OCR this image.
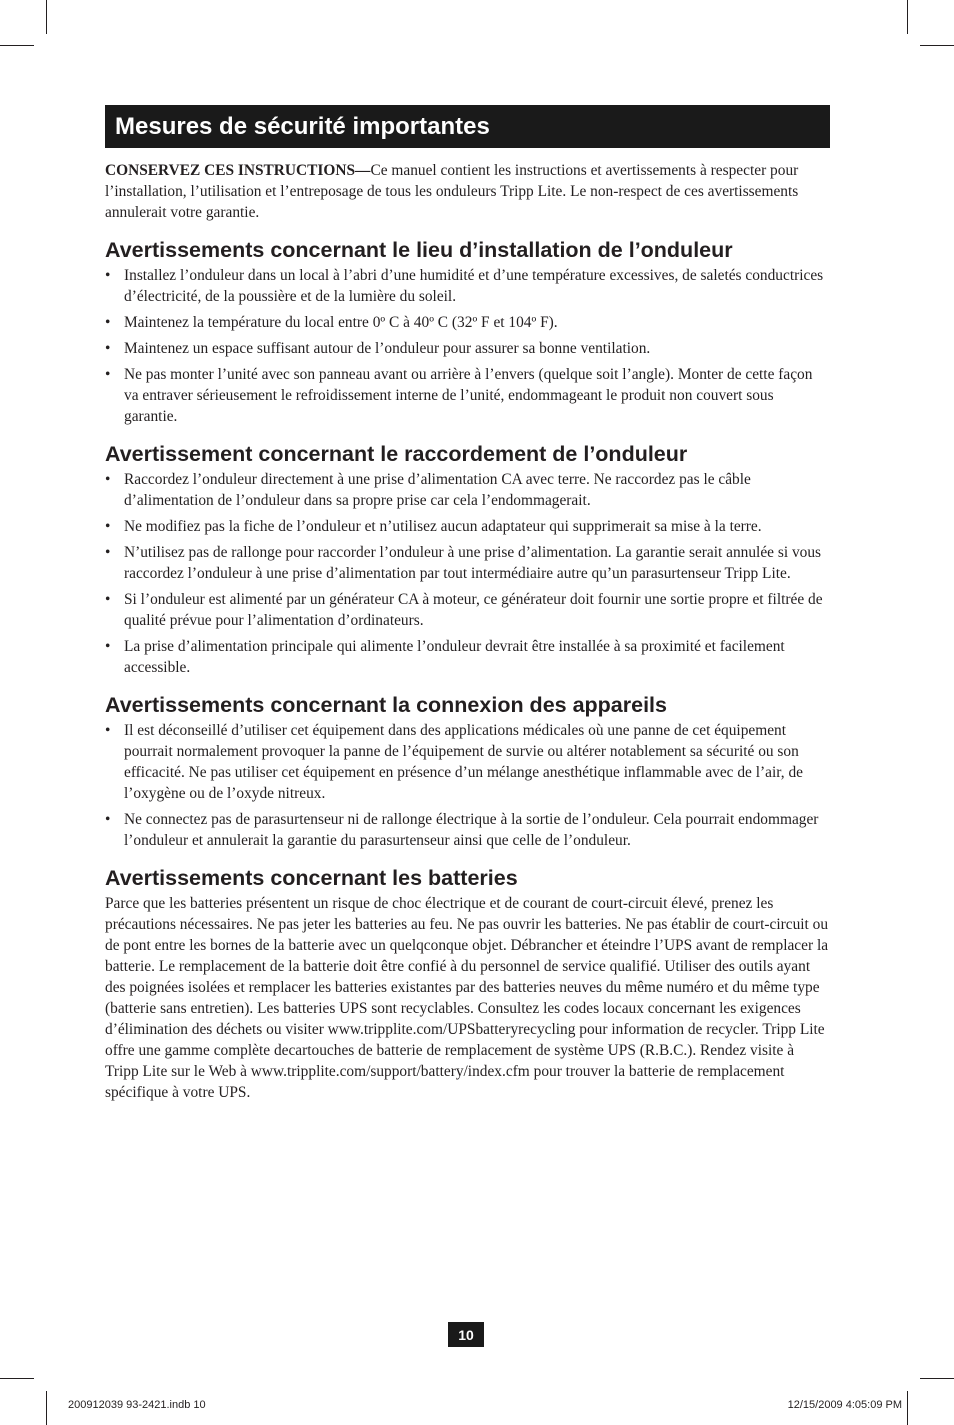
Mesures de sécurité importantes

CONSERVEZ CES INSTRUCTIONS—Ce manuel contient les instructions et avertissements à respecter pour l’installation, l’utilisation et l’entreposage de tous les onduleurs Tripp Lite. Le non-respect de ces avertissements annulerait votre garantie.

Avertissements concernant le lieu d’installation de l’onduleur
• Installez l’onduleur dans un local à l’abri d’une humidité et d’une température excessives, de saletés conductrices d’électricité, de la poussière et de la lumière du soleil.
• Maintenez la température du local entre 0º C à 40º C (32º F et 104º F).
• Maintenez un espace suffisant autour de l’onduleur pour assurer sa bonne ventilation.
• Ne pas monter l’unité avec son panneau avant ou arrière à l’envers (quelque soit l’angle). Monter de cette façon va entraver sérieusement le refroidissement interne de l’unité, endommageant le produit non couvert sous garantie.
Avertissement concernant le raccordement de l’onduleur
• Raccordez l’onduleur directement à une prise d’alimentation CA avec terre. Ne raccordez pas le câble d’alimentation de l’onduleur dans sa propre prise car cela l’endommagerait.
• Ne modifiez pas la fiche de l’onduleur et n’utilisez aucun adaptateur qui supprimerait sa mise à la terre.
• N’utilisez pas de rallonge pour raccorder l’onduleur à une prise d’alimentation. La garantie serait annulée si vous raccordez l’onduleur à une prise d’alimentation par tout intermédiaire autre qu’un parasurtenseur Tripp Lite.
• Si l’onduleur est alimenté par un générateur CA à moteur, ce générateur doit fournir une sortie propre et filtrée de qualité prévue pour l’alimentation d’ordinateurs.
• La prise d’alimentation principale qui alimente l’onduleur devrait être installée à sa proximité et facilement accessible.
Avertissements concernant la connexion des appareils
• Il est déconseillé d’utiliser cet équipement dans des applications médicales où une panne de cet équipement pourrait normalement provoquer la panne de l’équipement de survie ou altérer notablement sa sécurité ou son efficacité. Ne pas utiliser cet équipement en présence d’un mélange anesthétique inflammable avec de l’air, de l’oxygène ou de l’oxyde nitreux.
• Ne connectez pas de parasurtenseur ni de rallonge électrique à la sortie de l’onduleur. Cela pourrait endommager l’onduleur et annulerait la garantie du parasurtenseur ainsi que celle de l’onduleur.
Avertissements concernant les batteries

Parce que les batteries présentent un risque de choc électrique et de courant de court-circuit élevé, prenez les précautions nécessaires. Ne pas jeter les batteries au feu. Ne pas ouvrir les batteries. Ne pas établir de court-circuit ou de pont entre les bornes de la batterie avec un quelqconque objet. Débrancher et éteindre l’UPS avant de remplacer la batterie. Le remplacement de la batterie doit être confié à du personnel de service qualifié. Utiliser des outils ayant des poignées isolées et remplacer les batteries existantes par des batteries neuves du même numéro et du même type (batterie sans entretien). Les batteries UPS sont recyclables. Consultez les codes locaux concernant les exigences d’élimination des déchets ou visiter www.tripplite.com/UPSbatteryrecycling pour information de recycler. Tripp Lite offre une gamme complète decartouches de batterie de remplacement de système UPS (R.B.C.). Rendez visite à Tripp Lite sur le Web à www.tripplite.com/support/battery/index.cfm pour trouver la batterie de remplacement spécifique à votre UPS.

10
200912039 93-2421.indb 10	12/15/2009 4:05:09 PM
